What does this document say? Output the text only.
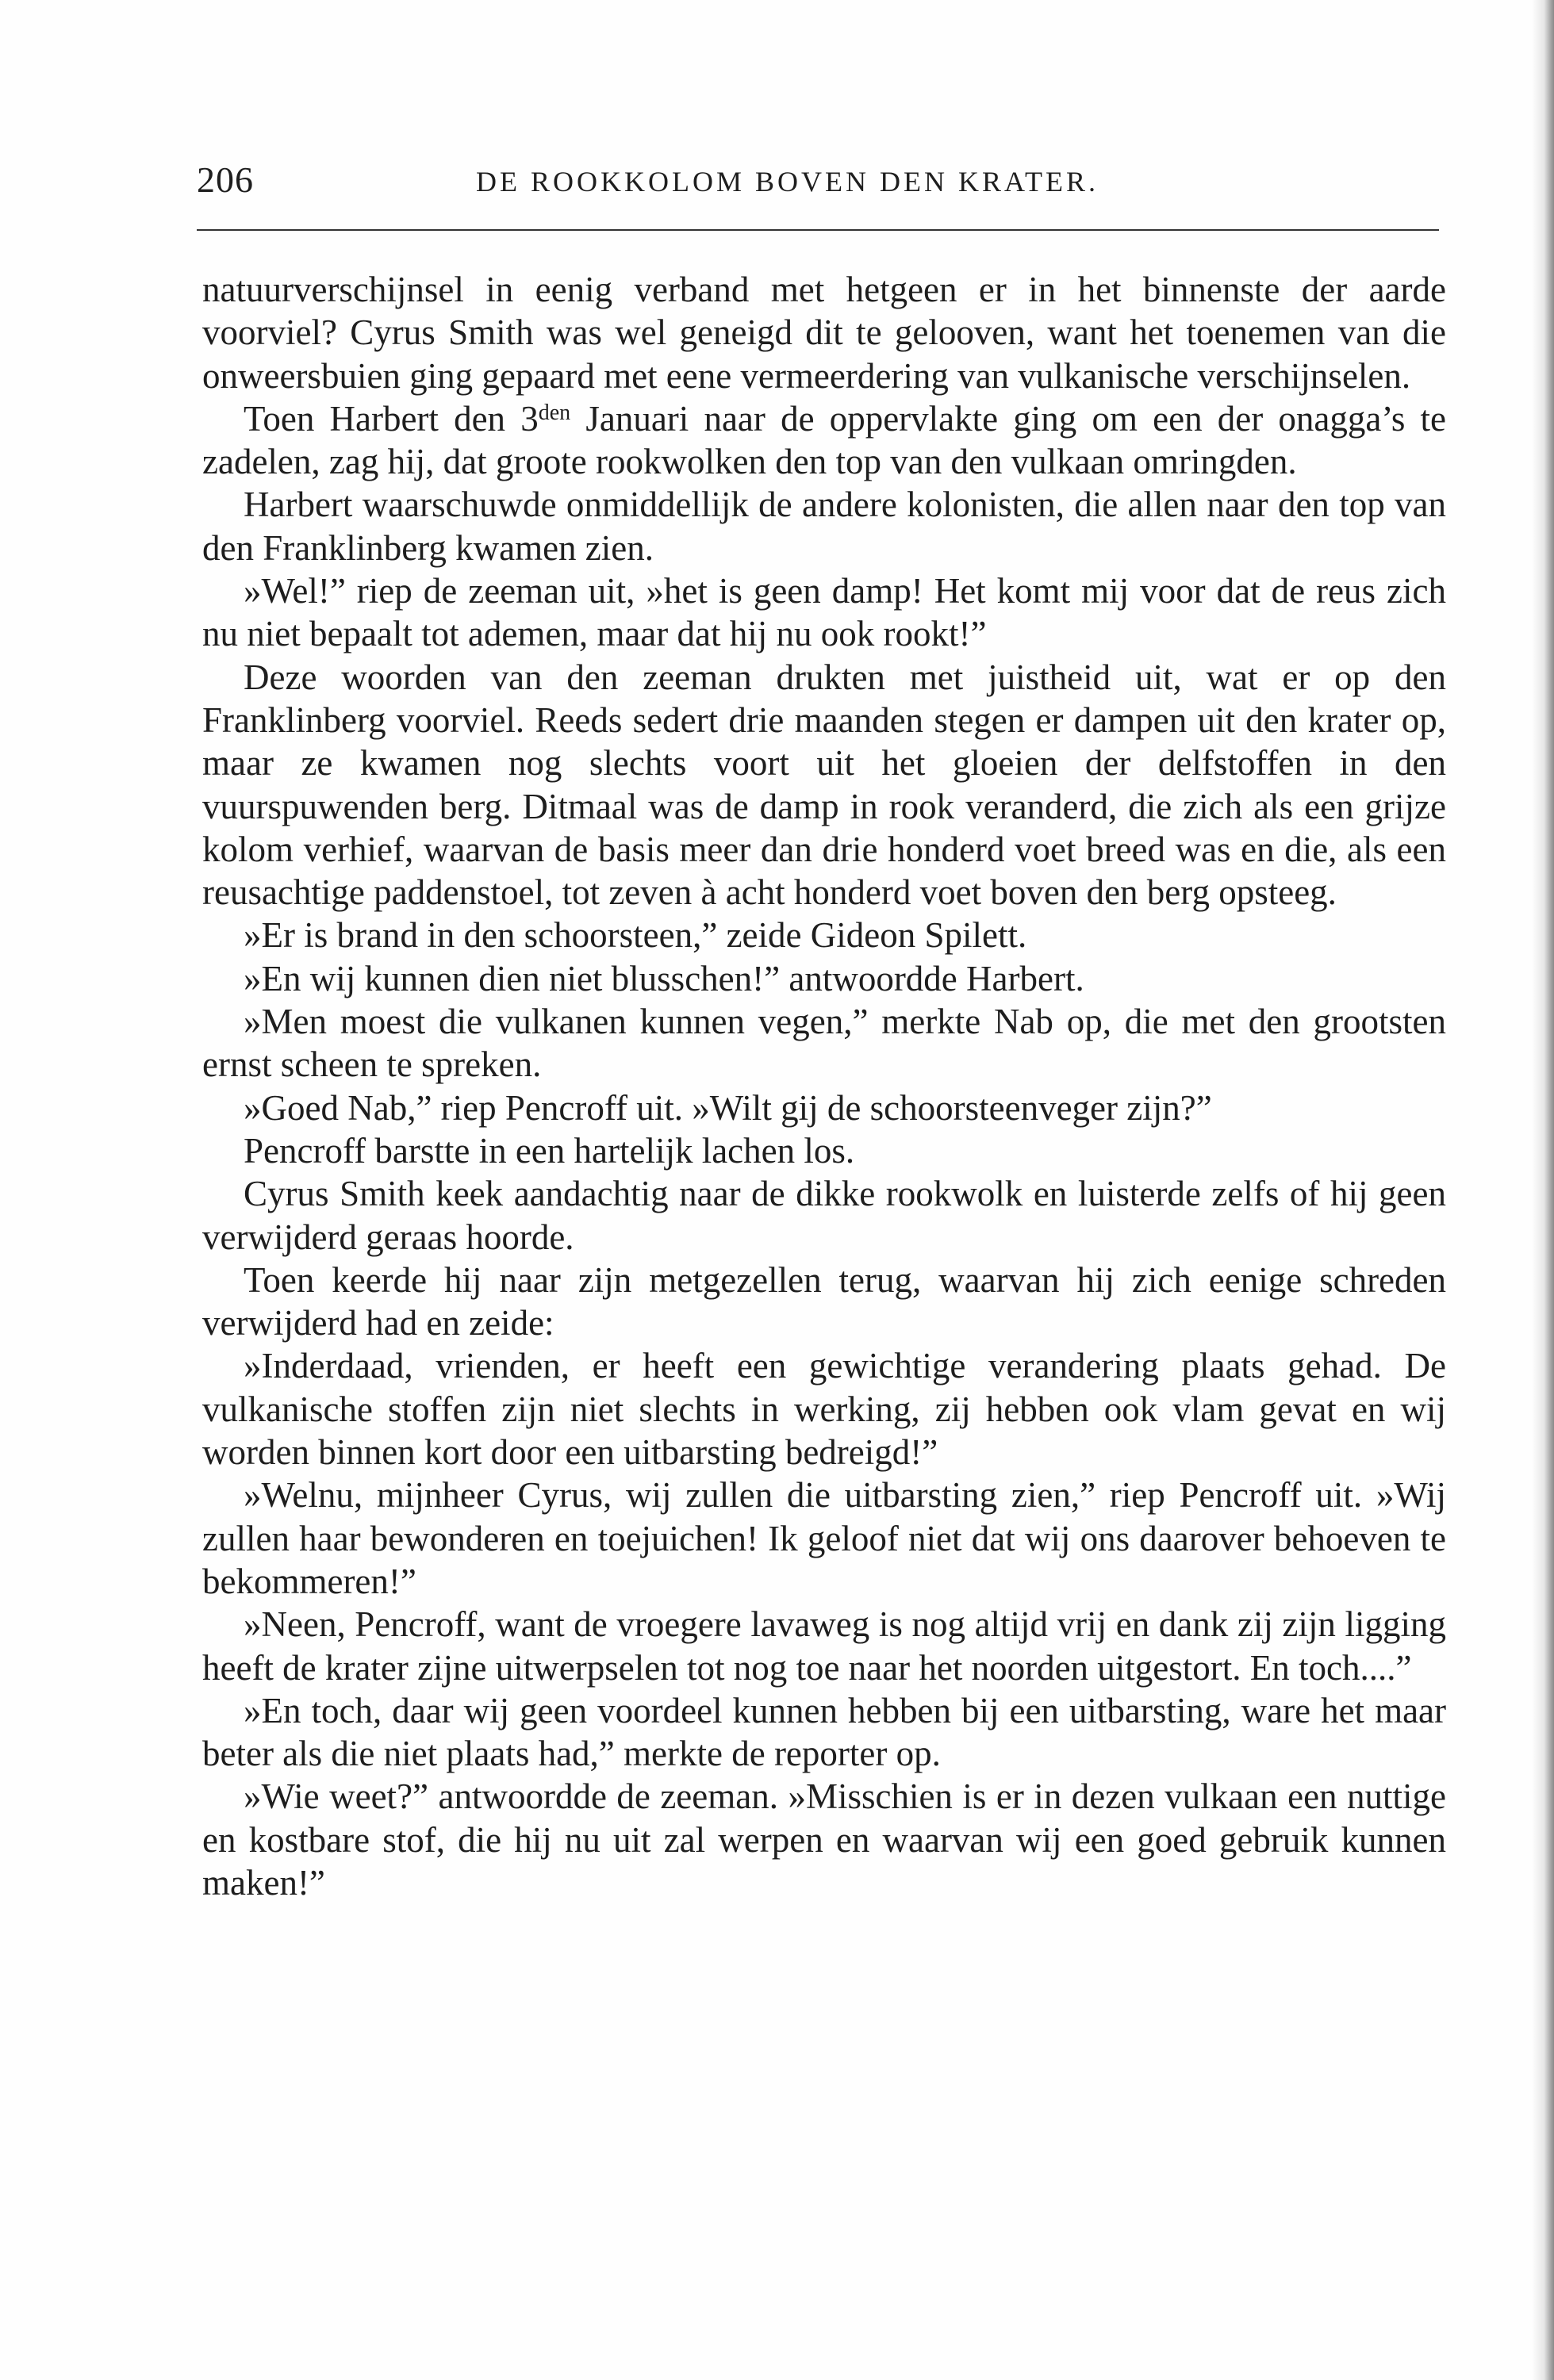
206	DE ROOKKOLOM BOVEN DEN KRATER.

natuurverschijnsel in eenig verband met hetgeen er in het binnenste der aarde voorviel? Cyrus Smith was wel geneigd dit te gelooven, want het toenemen van die onweersbuien ging gepaard met eene vermeerdering van vulkanische verschijnselen.

Toen Harbert den $3^{den}$ Januari naar de oppervlakte ging om een der onagga’s te zadelen, zag hij, dat groote rookwolken den top van den vulkaan omringden.

Harbert waarschuwde onmiddellijk de andere kolonisten, die allen naar den top van den Franklinberg kwamen zien.

»Wel!” riep de zeeman uit, »het is geen damp! Het komt mij voor dat de reus zich nu niet bepaalt tot ademen, maar dat hij nu ook rookt!”

Deze woorden van den zeeman drukten met juistheid uit, wat er op den Franklinberg voorviel. Reeds sedert drie maanden stegen er dampen uit den krater op, maar ze kwamen nog slechts voort uit het gloeien der delfstoffen in den vuurspuwenden berg. Ditmaal was de damp in rook veranderd, die zich als een grijze kolom verhief, waarvan de basis meer dan drie honderd voet breed was en die, als een reusachtige paddenstoel, tot zeven à acht honderd voet boven den berg opsteeg.

»Er is brand in den schoorsteen,” zeide Gideon Spilett.

»En wij kunnen dien niet blusschen!” antwoordde Harbert.

»Men moest die vulkanen kunnen vegen,” merkte Nab op, die met den grootsten ernst scheen te spreken.

»Goed Nab,” riep Pencroff uit. »Wilt gij de schoorsteenveger zijn?”

Pencroff barstte in een hartelijk lachen los.

Cyrus Smith keek aandachtig naar de dikke rookwolk en luisterde zelfs of hij geen verwijderd geraas hoorde.

Toen keerde hij naar zijn metgezellen terug, waarvan hij zich eenige schreden verwijderd had en zeide:

»Inderdaad, vrienden, er heeft een gewichtige verandering plaats gehad. De vulkanische stoffen zijn niet slechts in werking, zij hebben ook vlam gevat en wij worden binnen kort door een uitbarsting bedreigd!”

»Welnu, mijnheer Cyrus, wij zullen die uitbarsting zien,” riep Pencroff uit. »Wij zullen haar bewonderen en toejuichen! Ik geloof niet dat wij ons daarover behoeven te bekommeren!”

»Neen, Pencroff, want de vroegere lavaweg is nog altijd vrij en dank zij zijn ligging heeft de krater zijne uitwerpselen tot nog toe naar het noorden uitgestort. En toch....”

»En toch, daar wij geen voordeel kunnen hebben bij een uitbarsting, ware het maar beter als die niet plaats had,” merkte de reporter op.

»Wie weet?” antwoordde de zeeman. »Misschien is er in dezen vulkaan een nuttige en kostbare stof, die hij nu uit zal werpen en waarvan wij een goed gebruik kunnen maken!”
